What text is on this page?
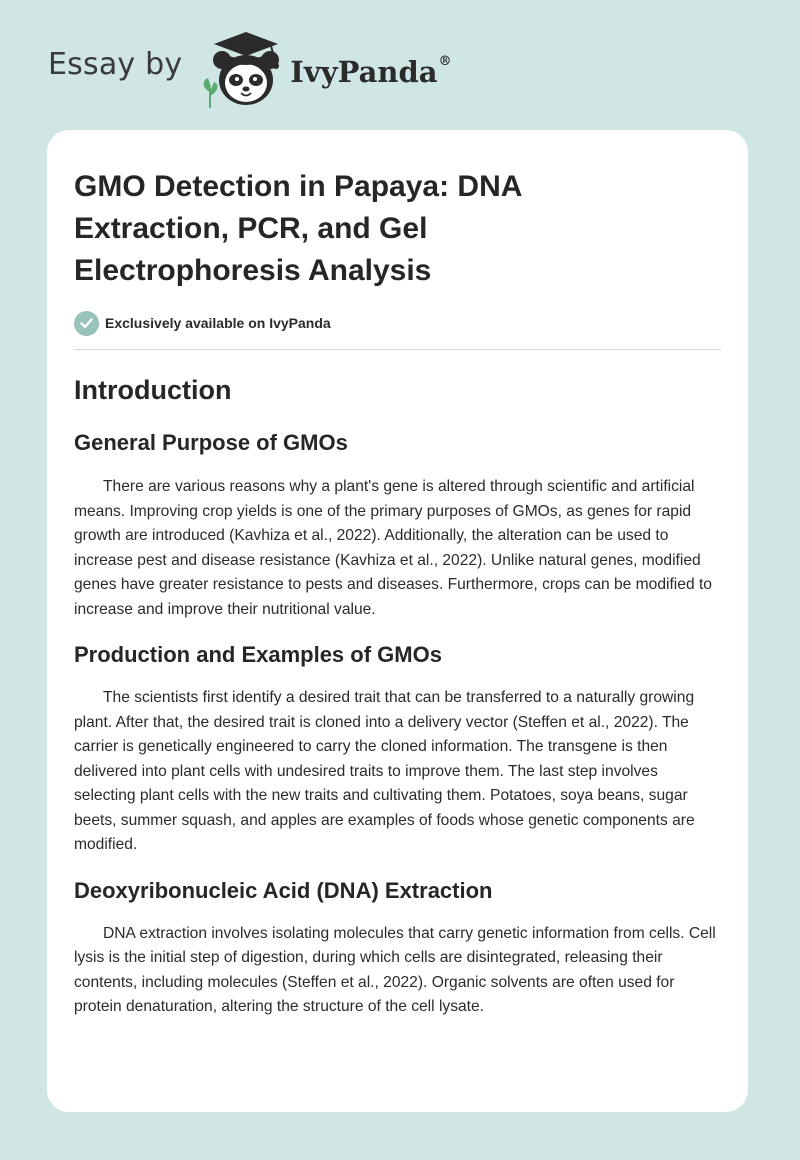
Essay by	IvyPanda®
GMO Detection in Papaya: DNA Extraction, PCR, and Gel Electrophoresis Analysis
Exclusively available on IvyPanda
Introduction
General Purpose of GMOs

There are various reasons why a plant's gene is altered through scientific and artificial means. Improving crop yields is one of the primary purposes of GMOs, as genes for rapid growth are introduced (Kavhiza et al., 2022). Additionally, the alteration can be used to increase pest and disease resistance (Kavhiza et al., 2022). Unlike natural genes, modified genes have greater resistance to pests and diseases. Furthermore, crops can be modified to increase and improve their nutritional value.

Production and Examples of GMOs

The scientists first identify a desired trait that can be transferred to a naturally growing plant. After that, the desired trait is cloned into a delivery vector (Steffen et al., 2022). The carrier is genetically engineered to carry the cloned information. The transgene is then delivered into plant cells with undesired traits to improve them. The last step involves selecting plant cells with the new traits and cultivating them. Potatoes, soya beans, sugar beets, summer squash, and apples are examples of foods whose genetic components are modified.

Deoxyribonucleic Acid (DNA) Extraction

DNA extraction involves isolating molecules that carry genetic information from cells. Cell lysis is the initial step of digestion, during which cells are disintegrated, releasing their contents, including molecules (Steffen et al., 2022). Organic solvents are often used for protein denaturation, altering the structure of the cell lysate.
